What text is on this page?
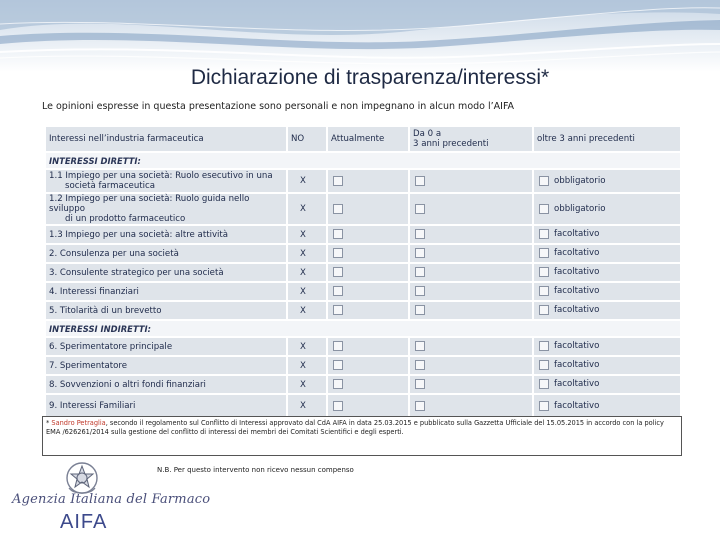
Dichiarazione di trasparenza/interessi*
Le opinioni espresse in questa presentazione sono personali e non impegnano in alcun modo l’AIFA
Interessi nell’industria farmaceutica	NO	Attualmente	Da 0 a
3 anni precedenti	oltre 3 anni precedenti
INTERESSI DIRETTI:				
1.1 Impiego per una società: Ruolo esecutivo in una
società farmaceutica	X			obbligatorio
1.2 Impiego per una società: Ruolo guida nello sviluppo
di un prodotto farmaceutico	X			obbligatorio
1.3 Impiego per una società: altre attività	X			facoltativo
2. Consulenza per una società	X			facoltativo
3. Consulente strategico per una società	X			facoltativo
4. Interessi finanziari	X			facoltativo
5. Titolarità di un brevetto	X			facoltativo
INTERESSI INDIRETTI:				
6. Sperimentatore principale	X			facoltativo
7. Sperimentatore	X			facoltativo
8. Sovvenzioni o altri fondi finanziari	X			facoltativo
9. Interessi Familiari	X			facoltativo
* Sandro Petraglia, secondo il regolamento sul Conflitto di Interessi approvato dal CdA AIFA in data 25.03.2015 e pubblicato sulla Gazzetta Ufficiale del 15.05.2015 in accordo con la policy EMA /626261/2014 sulla gestione del conflitto di interessi dei membri dei Comitati Scientifici e degli esperti.
N.B. Per questo intervento non ricevo nessun compenso
Agenzia Italiana del Farmaco
AIFA
